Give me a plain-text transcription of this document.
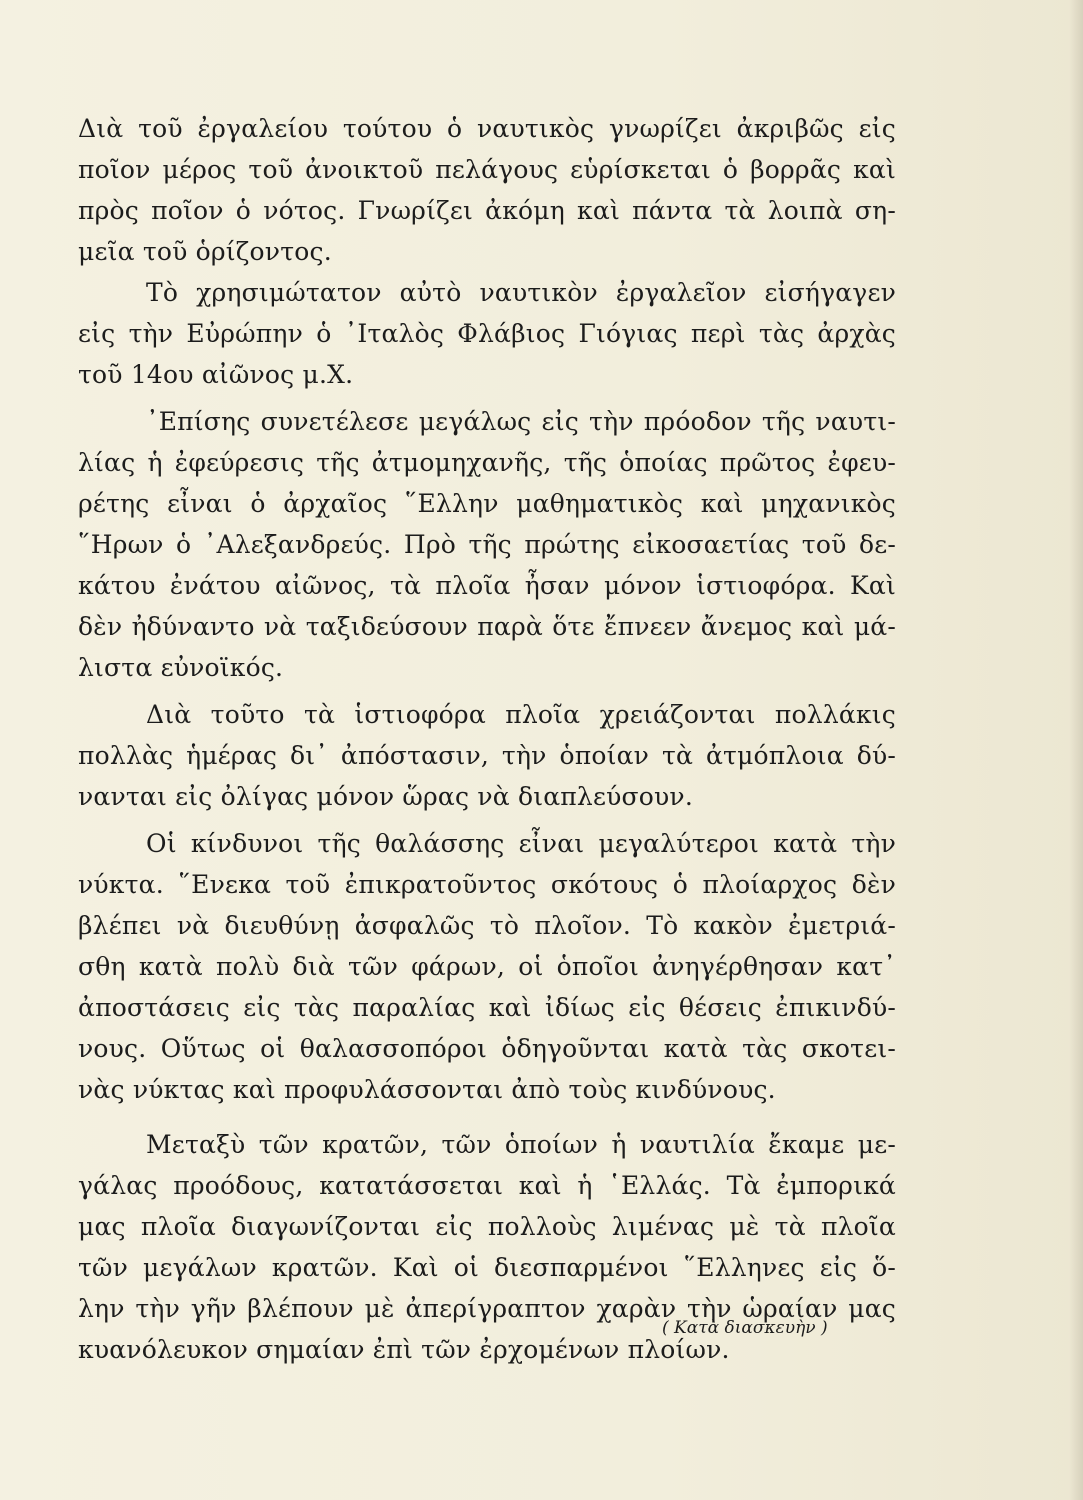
Διὰ τοῦ ἐργαλείου τούτου ὁ ναυτικὸς γνωρίζει ἀκριβῶς εἰς
ποῖον μέρος τοῦ ἀνοικτοῦ πελάγους εὑρίσκεται ὁ βορρᾶς καὶ
πρὸς ποῖον ὁ νότος. Γνωρίζει ἀκόμη καὶ πάντα τὰ λοιπὰ ση-
μεῖα τοῦ ὁρίζοντος.
Τὸ χρησιμώτατον αὐτὸ ναυτικὸν ἐργαλεῖον εἰσήγαγεν
εἰς τὴν Εὐρώπην ὁ ᾿Ιταλὸς Φλάβιος Γιόγιας περὶ τὰς ἀρχὰς
τοῦ 14ου αἰῶνος μ.Χ.
᾿Επίσης συνετέλεσε μεγάλως εἰς τὴν πρόοδον τῆς ναυτι-
λίας ἡ ἐφεύρεσις τῆς ἀτμομηχανῆς, τῆς ὁποίας πρῶτος ἐφευ-
ρέτης εἶναι ὁ ἀρχαῖος ῞Ελλην μαθηματικὸς καὶ μηχανικὸς
῞Ηρων ὁ ᾿Αλεξανδρεύς. Πρὸ τῆς πρώτης εἰκοσαετίας τοῦ δε-
κάτου ἐνάτου αἰῶνος, τὰ πλοῖα ἦσαν μόνον ἱστιοφόρα. Καὶ
δὲν ἠδύναντο νὰ ταξιδεύσουν παρὰ ὅτε ἔπνεεν ἄνεμος καὶ μά-
λιστα εὐνοϊκός.
Διὰ τοῦτο τὰ ἱστιοφόρα πλοῖα χρειάζονται πολλάκις
πολλὰς ἡμέρας δι᾿ ἀπόστασιν, τὴν ὁποίαν τὰ ἀτμόπλοια δύ-
νανται εἰς ὀλίγας μόνον ὥρας νὰ διαπλεύσουν.
Οἱ κίνδυνοι τῆς θαλάσσης εἶναι μεγαλύτεροι κατὰ τὴν
νύκτα. ῞Ενεκα τοῦ ἐπικρατοῦντος σκότους ὁ πλοίαρχος δὲν
βλέπει νὰ διευθύνῃ ἀσφαλῶς τὸ πλοῖον. Τὸ κακὸν ἐμετριά-
σθη κατὰ πολὺ διὰ τῶν φάρων, οἱ ὁποῖοι ἀνηγέρθησαν κατ᾿
ἀποστάσεις εἰς τὰς παραλίας καὶ ἰδίως εἰς θέσεις ἐπικινδύ-
νους. Οὕτως οἱ θαλασσοπόροι ὁδηγοῦνται κατὰ τὰς σκοτει-
νὰς νύκτας καὶ προφυλάσσονται ἀπὸ τοὺς κινδύνους.
Μεταξὺ τῶν κρατῶν, τῶν ὁποίων ἡ ναυτιλία ἔκαμε με-
γάλας προόδους, κατατάσσεται καὶ ἡ ῾Ελλάς. Τὰ ἐμπορικά
μας πλοῖα διαγωνίζονται εἰς πολλοὺς λιμένας μὲ τὰ πλοῖα
τῶν μεγάλων κρατῶν. Καὶ οἱ διεσπαρμένοι ῞Ελληνες εἰς ὅ-
λην τὴν γῆν βλέπουν μὲ ἀπερίγραπτον χαρὰν τὴν ὡραίαν μας
κυανόλευκον σημαίαν ἐπὶ τῶν ἐρχομένων πλοίων.
( Κατὰ διασκευὴν )
